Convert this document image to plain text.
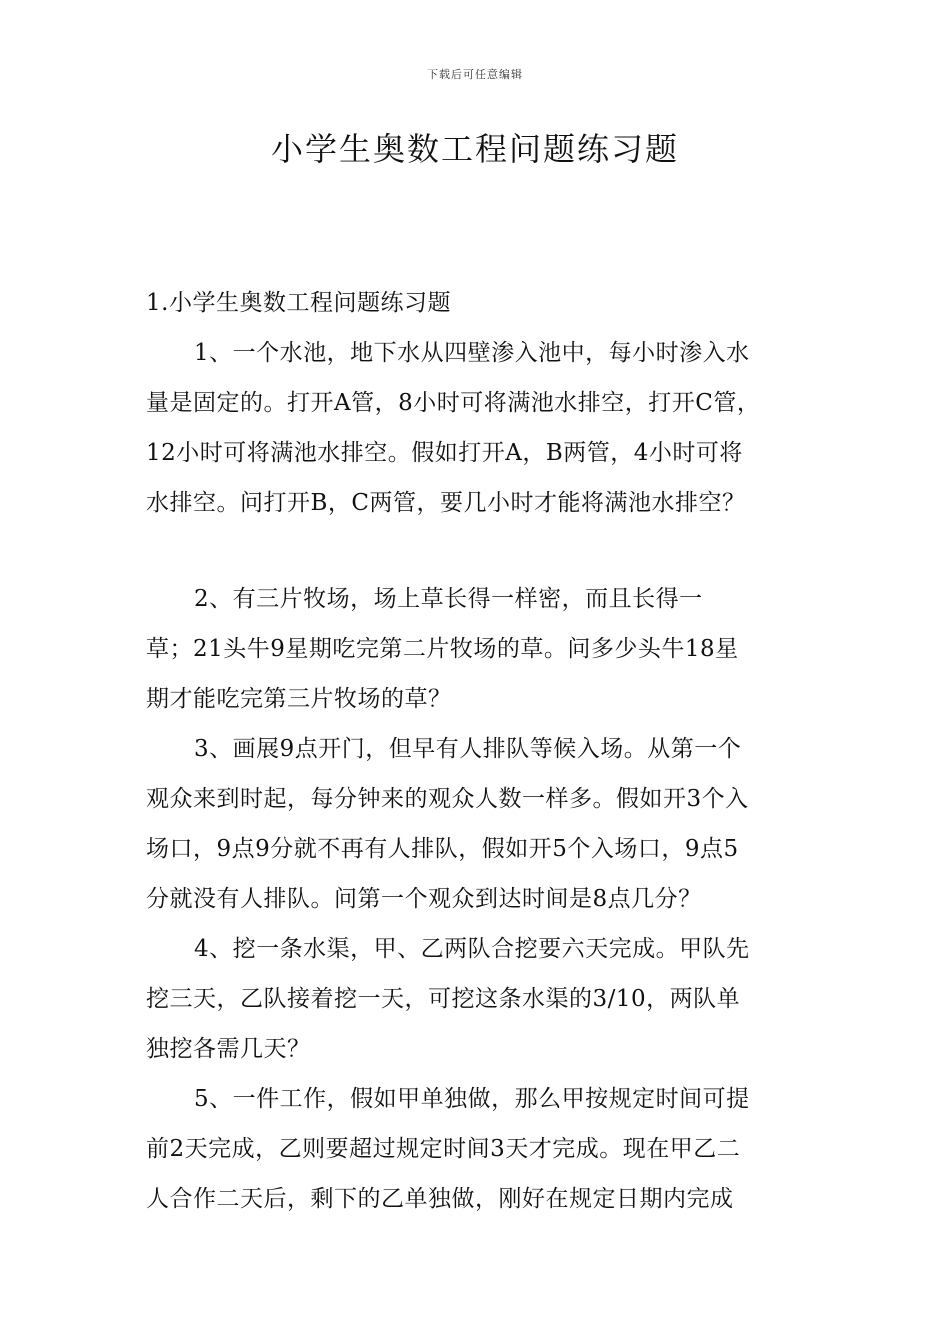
下载后可任意编辑
小学生奥数工程问题练习题
1.小学生奥数工程问题练习题
1、一个水池，地下水从四壁渗入池中，每小时渗入水
量是固定的。打开A管，8小时可将满池水排空，打开C管，
12小时可将满池水排空。假如打开A，B两管，4小时可将
水排空。问打开B，C两管，要几小时才能将满池水排空？
2、有三片牧场，场上草长得一样密，而且长得一
草；21头牛9星期吃完第二片牧场的草。问多少头牛18星
期才能吃完第三片牧场的草？
3、画展9点开门，但早有人排队等候入场。从第一个
观众来到时起，每分钟来的观众人数一样多。假如开3个入
场口，9点9分就不再有人排队，假如开5个入场口，9点5
分就没有人排队。问第一个观众到达时间是8点几分？
4、挖一条水渠，甲、乙两队合挖要六天完成。甲队先
挖三天，乙队接着挖一天，可挖这条水渠的3/10，两队单
独挖各需几天？
5、一件工作，假如甲单独做，那么甲按规定时间可提
前2天完成，乙则要超过规定时间3天才完成。现在甲乙二
人合作二天后，剩下的乙单独做，刚好在规定日期内完成
